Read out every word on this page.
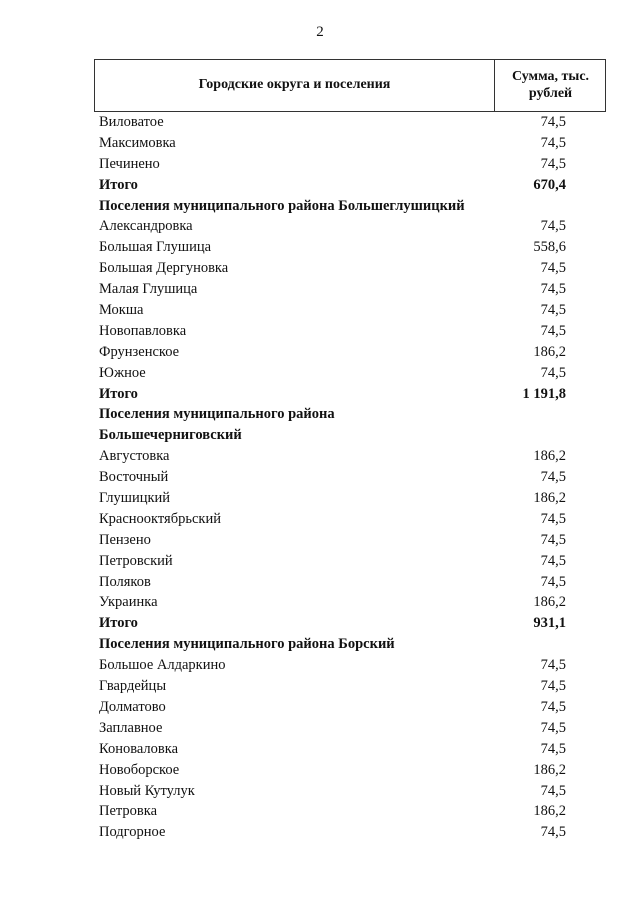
2
Городские округа и поселения
Сумма, тыс.
рублей
Виловатое	74,5
Максимовка	74,5
Печинено	74,5
Итого	670,4
Поселения муниципального района Большеглушицкий
Александровка	74,5
Большая Глушица	558,6
Большая Дергуновка	74,5
Малая Глушица	74,5
Мокша	74,5
Новопавловка	74,5
Фрунзенское	186,2
Южное	74,5
Итого	1 191,8
Поселения муниципального района
Большечерниговский
Августовка	186,2
Восточный	74,5
Глушицкий	186,2
Краснооктябрьский	74,5
Пензено	74,5
Петровский	74,5
Поляков	74,5
Украинка	186,2
Итого	931,1
Поселения муниципального района Борский
Большое Алдаркино	74,5
Гвардейцы	74,5
Долматово	74,5
Заплавное	74,5
Коноваловка	74,5
Новоборское	186,2
Новый Кутулук	74,5
Петровка	186,2
Подгорное	74,5
